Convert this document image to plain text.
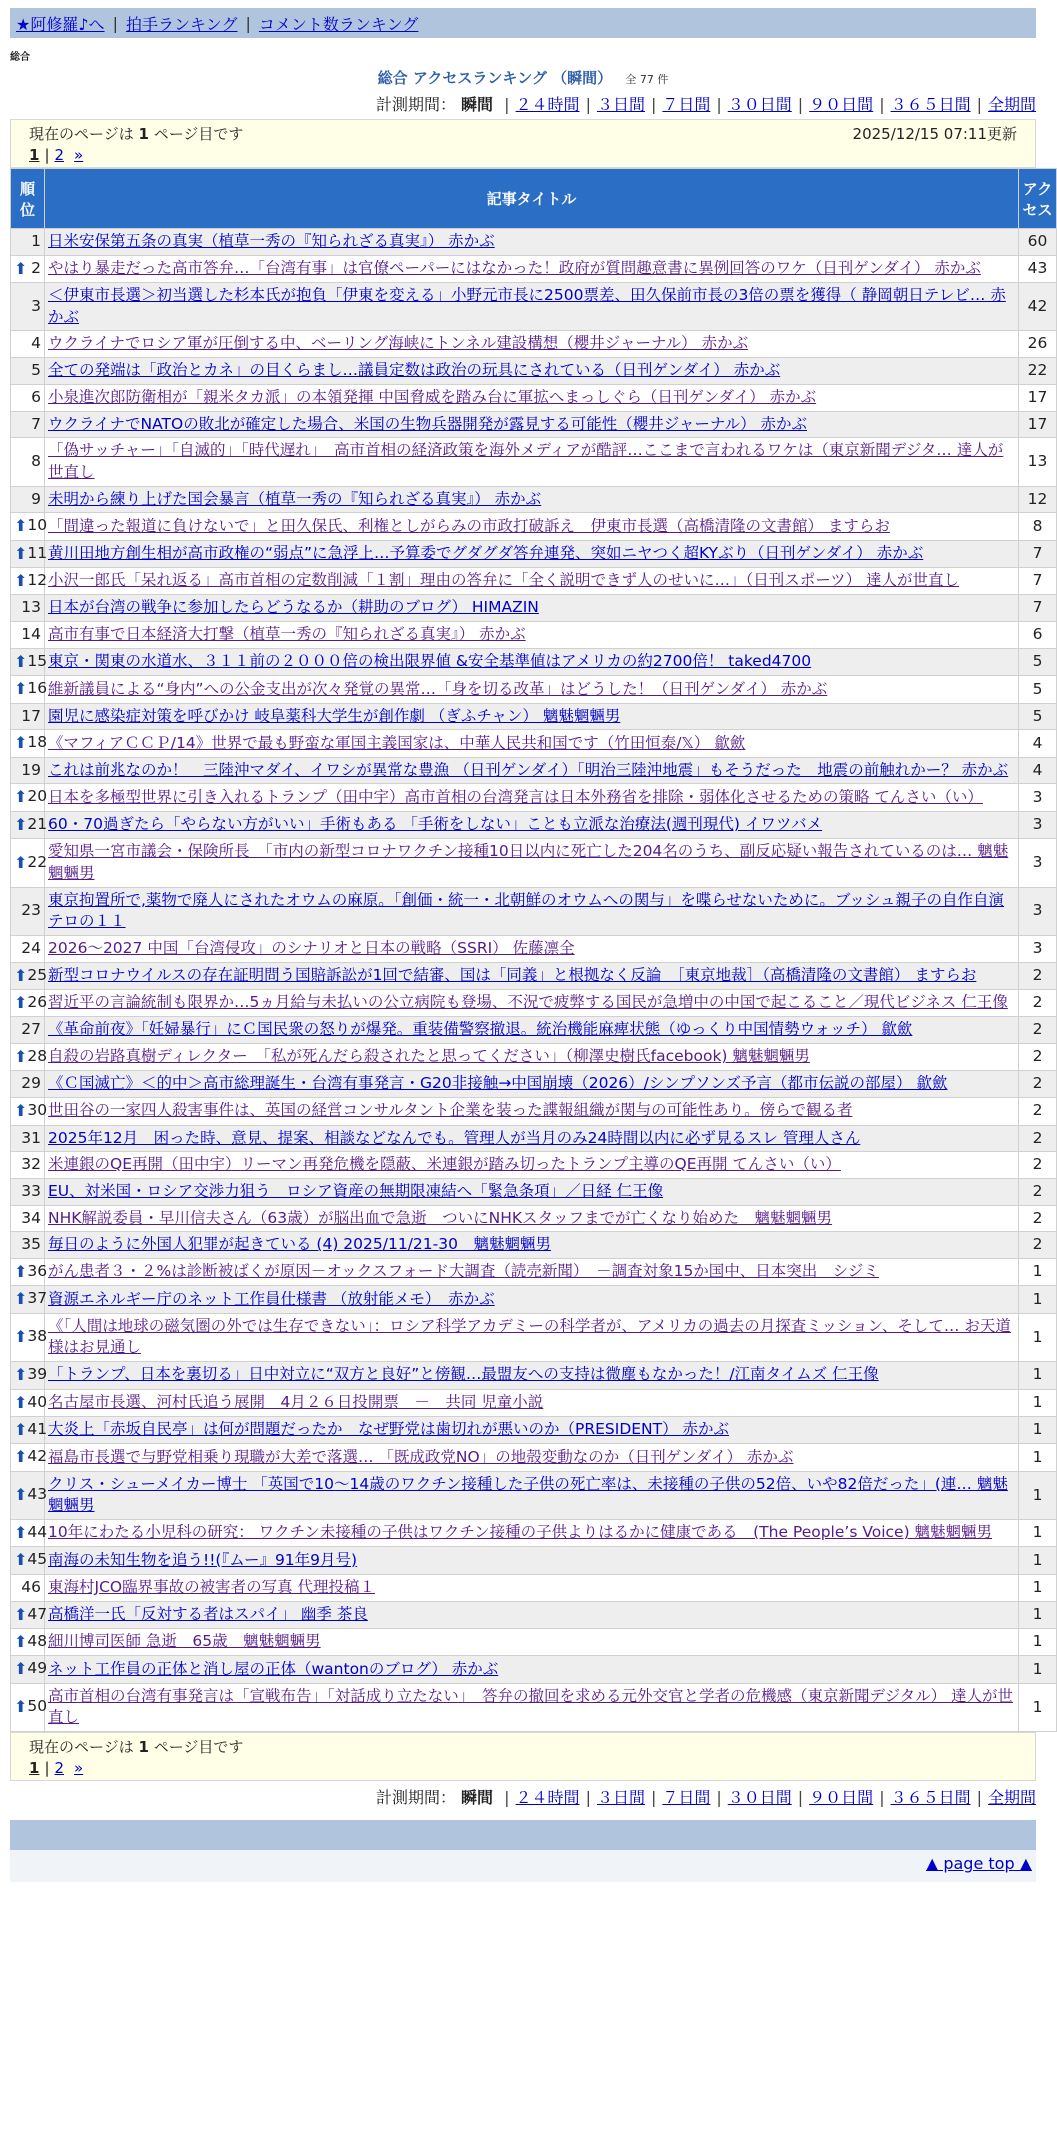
★阿修羅♪へ | 拍手ランキング | コメント数ランキング
総合
総合 アクセスランキング （瞬間） 全 77 件
計測期間： 瞬間 | ２４時間 | ３日間 | ７日間 | ３０日間 | ９０日間 | ３６５日間 | 全期間
現在のページは 1 ページ目です	2025/12/15 07:11更新
1 | 2 »
順位	記事タイトル	アクセス
1	日米安保第五条の真実（植草一秀の『知られざる真実』） 赤かぶ	60

⬆ 2	やはり暴走だった高市答弁…「台湾有事」は官僚ペーパーにはなかった！政府が質問趣意書に異例回答のワケ（日刊ゲンダイ） 赤かぶ	43
3	＜伊東市長選＞初当選した杉本氏が抱負「伊東を変える」小野元市長に2500票差、田久保前市長の3倍の票を獲得（ 静岡朝日テレビ… 赤かぶ	42
4	ウクライナでロシア軍が圧倒する中、ベーリング海峡にトンネル建設構想（櫻井ジャーナル） 赤かぶ	26
5	全ての発端は「政治とカネ」の目くらまし…議員定数は政治の玩具にされている（日刊ゲンダイ） 赤かぶ	22
6	小泉進次郎防衛相が「親米タカ派」の本領発揮 中国脅威を踏み台に軍拡へまっしぐら（日刊ゲンダイ） 赤かぶ	17
7	ウクライナでNATOの敗北が確定した場合、米国の生物兵器開発が露見する可能性（櫻井ジャーナル） 赤かぶ	17
8	「偽サッチャー」「自滅的」「時代遅れ」　高市首相の経済政策を海外メディアが酷評…ここまで言われるワケは（東京新聞デジタ… 達人が世直し	13
9	未明から練り上げた国会暴言（植草一秀の『知られざる真実』） 赤かぶ	12

⬆ 10	「間違った報道に負けないで」と田久保氏、利権としがらみの市政打破訴え　伊東市長選（高橋清隆の文書館） ますらお	8

⬆ 11	黄川田地方創生相が高市政権の“弱点”に急浮上…予算委でグダグダ答弁連発、突如ニヤつく超KYぶり（日刊ゲンダイ） 赤かぶ	7

⬆ 12	小沢一郎氏「呆れ返る」高市首相の定数削減「１割」理由の答弁に「全く説明できず人のせいに…」（日刊スポーツ） 達人が世直し	7
13	日本が台湾の戦争に参加したらどうなるか（耕助のブログ） HIMAZIN	7
14	高市有事で日本経済大打撃（植草一秀の『知られざる真実』） 赤かぶ	6

⬆ 15	東京・関東の水道水、３１１前の２０００倍の検出限界値 &安全基準値はアメリカの約2700倍！ taked4700	5

⬆ 16	維新議員による“身内”への公金支出が次々発覚の異常…「身を切る改革」はどうした！（日刊ゲンダイ） 赤かぶ	5
17	園児に感染症対策を呼びかけ 岐阜薬科大学生が創作劇 （ぎふチャン） 魑魅魍魎男	5

⬆ 18	《マフィアＣＣＰ/14》世界で最も野蛮な軍国主義国家は、中華人民共和国です（竹田恒泰/𝕏） 歙歛	4
19	これは前兆なのか！　三陸沖マダイ、イワシが異常な豊漁 （日刊ゲンダイ）「明治三陸沖地震」もそうだった　地震の前触れかー？ 赤かぶ	4

⬆ 20	日本を多極型世界に引き入れるトランプ（田中宇）高市首相の台湾発言は日本外務省を排除・弱体化させるための策略 てんさい（い）	3

⬆ 21	60・70過ぎたら「やらない方がいい」手術もある 「手術をしない」ことも立派な治療法(週刊現代) イワツバメ	3

⬆ 22	愛知県一宮市議会・保険所長　「市内の新型コロナワクチン接種10日以内に死亡した204名のうち、副反応疑い報告されているのは… 魑魅魍魎男	3
23	東京拘置所で,薬物で廃人にされたオウムの麻原。「創価・統一・北朝鮮のオウムへの関与」を喋らせないために。ブッシュ親子の自作自演テロの１１	3
24	2026〜2027 中国「台湾侵攻」のシナリオと日本の戦略（SSRI） 佐藤凛全	3

⬆ 25	新型コロナウイルスの存在証明問う国賠訴訟が1回で結審、国は「同義」と根拠なく反論　［東京地裁］（高橋清隆の文書館） ますらお	2

⬆ 26	習近平の言論統制も限界か…5ヵ月給与未払いの公立病院も登場、不況で疲弊する国民が急増中の中国で起こること／現代ビジネス 仁王像	2
27	《革命前夜》「妊婦暴行」にＣ国民衆の怒りが爆発。重装備警察撤退。統治機能麻痺状態（ゆっくり中国情勢ウォッチ） 歙歛	2

⬆ 28	自殺の岩路真樹ディレクター　「私が死んだら殺されたと思ってください」（柳澤史樹氏facebook) 魑魅魍魎男	2
29	《Ｃ国滅亡》＜的中＞高市総理誕生・台湾有事発言・G20非接触→中国崩壊（2026）/シンプソンズ予言（都市伝説の部屋） 歙歛	2

⬆ 30	世田谷の一家四人殺害事件は、英国の経営コンサルタント企業を装った諜報組織が関与の可能性あり。傍らで観る者	2
31	2025年12月　困った時、意見、提案、相談などなんでも。管理人が当月のみ24時間以内に必ず見るスレ 管理人さん	2
32	米連銀のQE再開（田中宇）リーマン再発危機を隠蔽、米連銀が踏み切ったトランプ主導のQE再開 てんさい（い）	2
33	EU、対米国・ロシア交渉力狙う　ロシア資産の無期限凍結へ「緊急条項」／日経 仁王像	2
34	NHK解説委員・早川信夫さん（63歳）が脳出血で急逝　ついにNHKスタッフまでが亡くなり始めた　魑魅魍魎男	2
35	毎日のように外国人犯罪が起きている (4) 2025/11/21-30　魑魅魍魎男	2

⬆ 36	がん患者３・２%は診断被ばくが原因－オックスフォード大調査（読売新聞）　－調査対象15か国中、日本突出　シジミ	1

⬆ 37	資源エネルギー庁のネット工作員仕様書 （放射能メモ）　赤かぶ	1

⬆ 38	《「人間は地球の磁気圏の外では生存できない」：ロシア科学アカデミーの科学者が、アメリカの過去の月探査ミッション、そして… お天道様はお見通し	1

⬆ 39	「トランプ、日本を裏切る」日中対立に“双方と良好”と傍観…最盟友への支持は微塵もなかった！/江南タイムズ 仁王像	1

⬆ 40	名古屋市長選、河村氏追う展開　4月２６日投開票　－　共同 児童小説	1

⬆ 41	大炎上「赤坂自民亭」は何が問題だったか　なぜ野党は歯切れが悪いのか（PRESIDENT） 赤かぶ	1

⬆ 42	福島市長選で与野党相乗り現職が大差で落選… 「既成政党NO」の地殻変動なのか（日刊ゲンダイ） 赤かぶ	1

⬆ 43	クリス・シューメイカー博士 「英国で10～14歳のワクチン接種した子供の死亡率は、未接種の子供の52倍、いや82倍だった」(連… 魑魅魍魎男	1

⬆ 44	10年にわたる小児科の研究： ワクチン未接種の子供はワクチン接種の子供よりはるかに健康である　(The People’s Voice) 魑魅魍魎男	1

⬆ 45	南海の未知生物を追う!!(『ムー』91年9月号)	1
46	東海村JCO臨界事故の被害者の写真 代理投稿１	1

⬆ 47	高橋洋一氏「反対する者はスパイ」 幽季 茶良	1

⬆ 48	細川博司医師 急逝　65歳　魑魅魍魎男	1

⬆ 49	ネット工作員の正体と消し屋の正体（wantonのブログ） 赤かぶ	1

⬆ 50	高市首相の台湾有事発言は「宣戦布告」「対話成り立たない」　答弁の撤回を求める元外交官と学者の危機感（東京新聞デジタル） 達人が世直し	1
現在のページは 1 ページ目です
1 | 2 »
計測期間： 瞬間 | ２４時間 | ３日間 | ７日間 | ３０日間 | ９０日間 | ３６５日間 | 全期間
▲ page top ▲
